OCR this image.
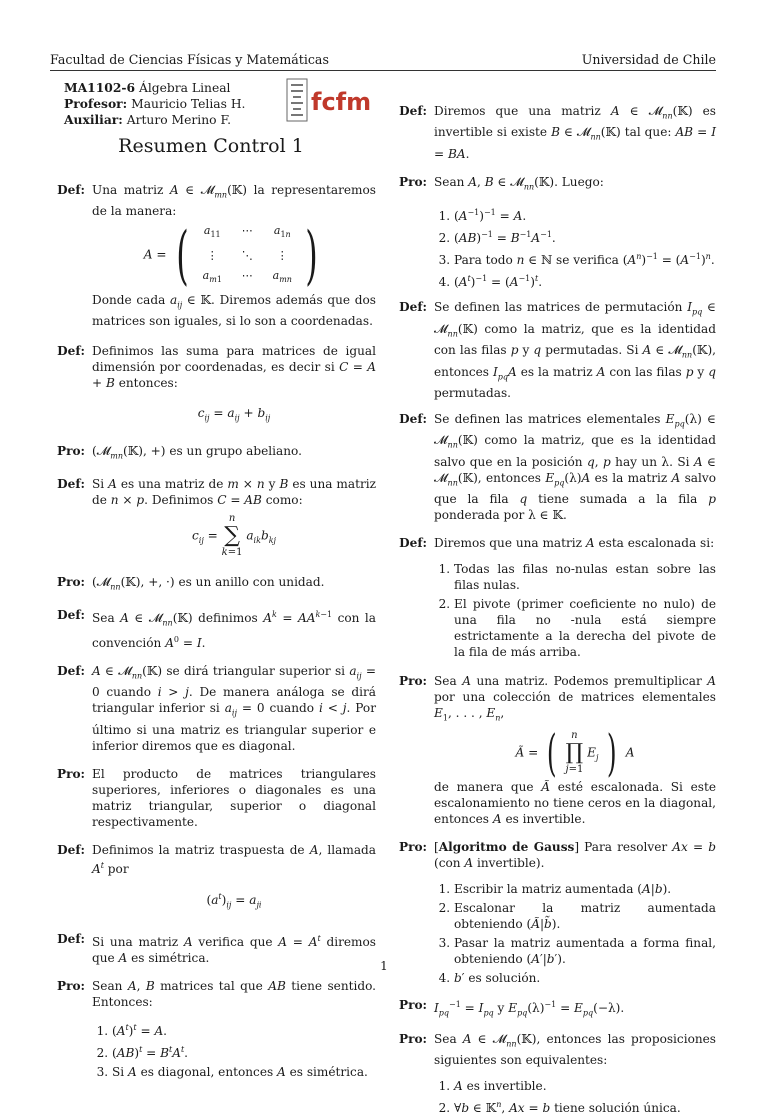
Facultad de Ciencias Físicas y Matemáticas	Universidad de Chile
MA1102-6 Álgebra Lineal
Profesor: Mauricio Telias H.
Auxiliar: Arturo Merino F.
fcfm
Resumen Control 1
Def: Una matriz A ∈ 𝓜$_{mn}$(𝕂) la representaremos de la manera:
A = (	$a_{11}$	⋯	$a_{1n}$
⋮	⋱	⋮
$a_{m1}$	⋯	$a_{mn}$ )
Donde cada $a_{ij}$ ∈ 𝕂. Diremos además que dos matrices son iguales, si lo son a coordenadas.
Def: Definimos las suma para matrices de igual dimensión por coordenadas, es decir si C = A + B entonces:
$c_{ij} = a_{ij} + b_{ij}$
Pro: (𝓜$_{mn}$(𝕂), +) es un grupo abeliano.
Def: Si A es una matriz de m × n y B es una matriz de n × p. Definimos C = AB como:
$c_{ij}$ =
n
∑
k=1
$a_{ik}b_{kj}$
Pro: (𝓜$_{nn}$(𝕂), +, ·) es un anillo con unidad.
Def: Sea A ∈ 𝓜$_{nn}$(𝕂) definimos $A^k = AA^{k-1}$ con la convención $A^0 = I$.
Def: A ∈ 𝓜$_{nn}$(𝕂) se dirá triangular superior si $a_{ij} = 0$ cuando i > j. De manera análoga se dirá triangular inferior si $a_{ij} = 0$ cuando i < j. Por último si una matriz es triangular superior e inferior diremos que es diagonal.
Pro: El producto de matrices triangulares superiores, inferiores o diagonales es una matriz triangular, superior o diagonal respectivamente.
Def: Definimos la matriz traspuesta de A, llamada $A^t$ por
$(a^t)_{ij} = a_{ji}$
Def: Si una matriz A verifica que $A = A^t$ diremos que A es simétrica.
Pro: Sean A, B matrices tal que AB tiene sentido. Entonces:
1. $(A^t)^t = A$.
2. $(AB)^t = B^tA^t$.
3. Si A es diagonal, entonces A es simétrica.
Def: Diremos que una matriz A ∈ 𝓜$_{nn}$(𝕂) es invertible si existe B ∈ 𝓜$_{nn}$(𝕂) tal que: AB = I = BA.
Pro: Sean A, B ∈ 𝓜$_{nn}$(𝕂). Luego:
1. $(A^{-1})^{-1} = A$.
2. $(AB)^{-1} = B^{-1}A^{-1}$.
3. Para todo n ∈ ℕ se verifica $(A^n)^{-1} = (A^{-1})^n$.
4. $(A^t)^{-1} = (A^{-1})^t$.
Def: Se definen las matrices de permutación $I_{pq}$ ∈ 𝓜$_{nn}$(𝕂) como la matriz, que es la identidad con las filas p y q permutadas. Si A ∈ 𝓜$_{nn}$(𝕂), entonces $I_{pq}A$ es la matriz A con las filas p y q permutadas.
Def: Se definen las matrices elementales $E_{pq}(\lambda)$ ∈ 𝓜$_{nn}$(𝕂) como la matriz, que es la identidad salvo que en la posición q, p hay un λ. Si A ∈ 𝓜$_{nn}$(𝕂), entonces $E_{pq}(\lambda)A$ es la matriz A salvo que la fila q tiene sumada a la fila p ponderada por λ ∈ 𝕂.
Def: Diremos que una matriz A esta escalonada si:
1. Todas las filas no-nulas estan sobre las filas nulas.
2. El pivote (primer coeficiente no nulo) de una fila no -nula está siempre estrictamente a la derecha del pivote de la fila de más arriba.
Pro: Sea A una matriz. Podemos premultiplicar A por una colección de matrices elementales $E_1$, . . . , $E_n$,
Ã = ( n
∏
j=1
$E_j$ ) A
de manera que Ã esté escalonada. Si este escalonamiento no tiene ceros en la diagonal, entonces A es invertible.
Pro: [Algoritmo de Gauss] Para resolver Ax = b (con A invertible).
1. Escribir la matriz aumentada (A|b).
2. Escalonar la matriz aumentada obteniendo (Ã|b̃).
3. Pasar la matriz aumentada a forma final, obteniendo (A′|b′).
4. b′ es solución.
Pro: $I_{pq}^{-1} = I_{pq}$ y $E_{pq}(\lambda)^{-1} = E_{pq}(-\lambda)$.
Pro: Sea A ∈ 𝓜$_{nn}$(𝕂), entonces las proposiciones siguientes son equivalentes:
1. A es invertible.
2. ∀b ∈ 𝕂$^n$, Ax = b tiene solución única.
1
